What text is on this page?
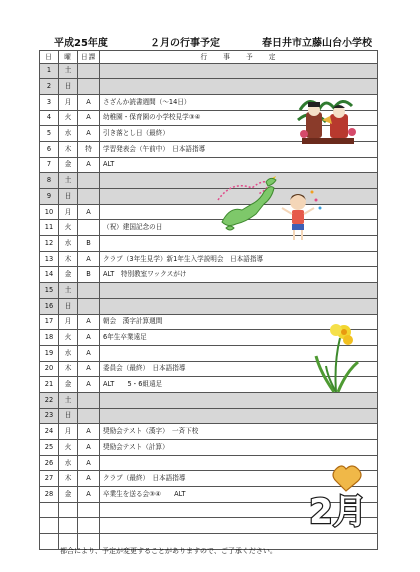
平成25年度	２月の行事予定	春日井市立藤山台小学校
日	曜	日課	行　　事　　予　　定
1	土		
2	日		
3	月	A	さざんか読書週間（～14日）
4	火	A	幼稚園・保育園の小学校見学③④
5	水	A	引き落とし日（最終）
6	木	特	学習発表会（午前中）　日本語指導
7	金	A	ALT
8	土		
9	日		
10	月	A	
11	火		（祝）建国記念の日
12	水	B	
13	木	A	クラブ（3年生見学）新1年生入学説明会　日本語指導
14	金	B	ALT　特別教室ワックスがけ
15	土		
16	日		
17	月	A	朝会　漢字計算週間
18	火	A	6年生卒業遠足
19	水	A	
20	木	A	委員会（最終）　日本語指導
21	金	A	ALT　　5・6組遠足
22	土		
23	日		
24	月	A	奨励会テスト（漢字）　一斉下校
25	火	A	奨励会テスト（計算）
26	水	A	
27	木	A	クラブ（最終）　日本語指導
28	金	A	卒業生を送る会③④　　ALT

				2月
都合により、予定が変更することがありますので、ご了承ください。
